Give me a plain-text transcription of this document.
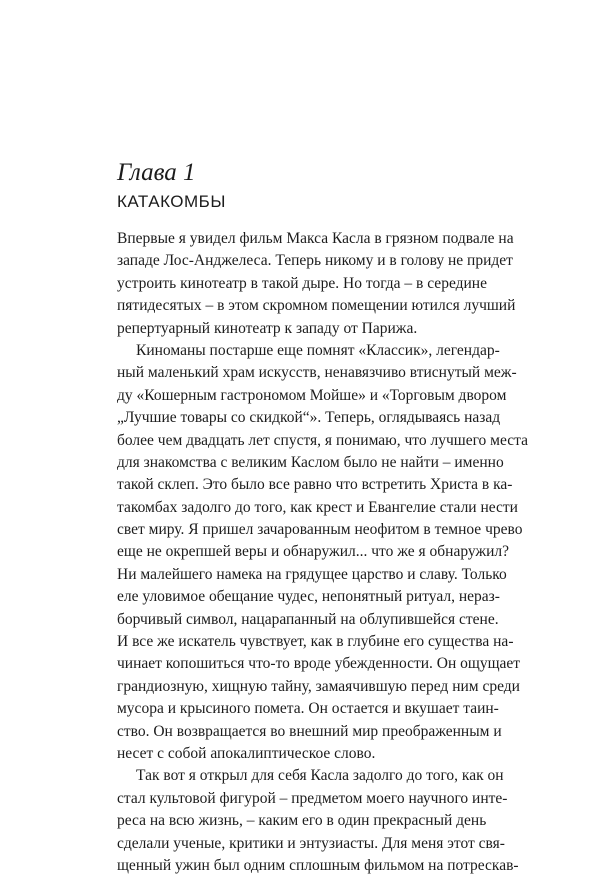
Глава 1
КАТАКОМБЫ
Впервые я увидел фильм Макса Касла в грязном подвале на
западе Лос-Анджелеса. Теперь никому и в голову не придет
устроить кинотеатр в такой дыре. Но тогда – в середине
пятидесятых – в этом скромном помещении ютился лучший
репертуарный кинотеатр к западу от Парижа.
Киноманы постарше еще помнят «Классик», легендар-
ный маленький храм искусств, ненавязчиво втиснутый меж-
ду «Кошерным гастрономом Мойше» и «Торговым двором
„Лучшие товары со скидкой“». Теперь, оглядываясь назад
более чем двадцать лет спустя, я понимаю, что лучшего места
для знакомства с великим Каслом было не найти – именно
такой склеп. Это было все равно что встретить Христа в ка-
такомбах задолго до того, как крест и Евангелие стали нести
свет миру. Я пришел зачарованным неофитом в темное чрево
еще не окрепшей веры и обнаружил... что же я обнаружил?
Ни малейшего намека на грядущее царство и славу. Только
еле уловимое обещание чудес, непонятный ритуал, нераз-
борчивый символ, нацарапанный на облупившейся стене.
И все же искатель чувствует, как в глубине его существа на-
чинает копошиться что-то вроде убежденности. Он ощущает
грандиозную, хищную тайну, замаячившую перед ним среди
мусора и крысиного помета. Он остается и вкушает таин-
ство. Он возвращается во внешний мир преображенным и
несет с собой апокалиптическое слово.
Так вот я открыл для себя Касла задолго до того, как он
стал культовой фигурой – предметом моего научного инте-
реса на всю жизнь, – каким его в один прекрасный день
сделали ученые, критики и энтузиасты. Для меня этот свя-
щенный ужин был одним сплошным фильмом на потрескав-
